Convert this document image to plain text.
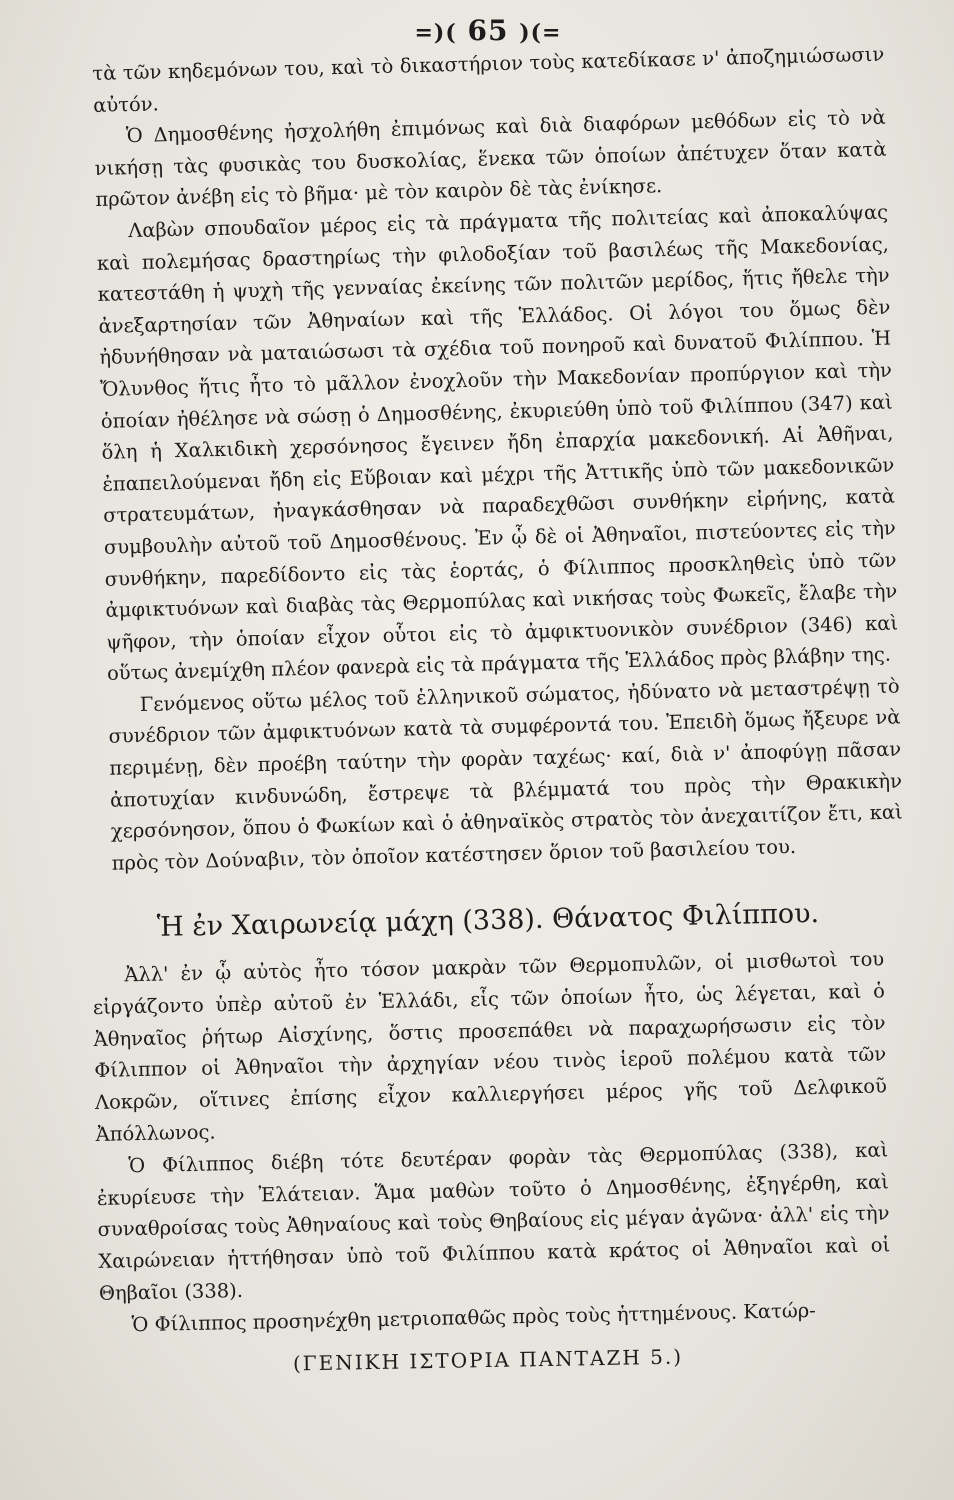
=)( 65 )(=

τὰ τῶν κηδεμόνων του, καὶ τὸ δικαστήριον τοὺς κατεδίκασε ν' ἀποζημιώσωσιν αὐτόν.

Ὁ Δημοσθένης ἠσχολήθη ἐπιμόνως καὶ διὰ διαφόρων μεθόδων εἰς τὸ νὰ νικήσῃ τὰς φυσικὰς του δυσκολίας, ἕνεκα τῶν ὁποίων ἀπέτυχεν ὅταν κατὰ πρῶτον ἀνέβη εἰς τὸ βῆμα· μὲ τὸν καιρὸν δὲ τὰς ἐνίκησε.

Λαβὼν σπουδαῖον μέρος εἰς τὰ πράγματα τῆς πολιτείας καὶ ἀποκαλύψας καὶ πολεμήσας δραστηρίως τὴν φιλοδοξίαν τοῦ βασιλέως τῆς Μακεδονίας, κατεστάθη ἡ ψυχὴ τῆς γενναίας ἐκείνης τῶν πολιτῶν μερίδος, ἥτις ἤθελε τὴν ἀνεξαρτησίαν τῶν Ἀθηναίων καὶ τῆς Ἑλλάδος. Οἱ λόγοι του ὅμως δὲν ἠδυνήθησαν νὰ ματαιώσωσι τὰ σχέδια τοῦ πονηροῦ καὶ δυνατοῦ Φιλίππου. Ἡ Ὄλυνθος ἥτις ἦτο τὸ μᾶλλον ἐνοχλοῦν τὴν Μακεδονίαν προπύργιον καὶ τὴν ὁποίαν ἠθέλησε νὰ σώσῃ ὁ Δημοσθένης, ἐκυριεύθη ὑπὸ τοῦ Φιλίππου (347) καὶ ὅλη ἡ Χαλκιδικὴ χερσόνησος ἔγεινεν ἤδη ἐπαρχία μακεδονική. Αἱ Ἀθῆναι, ἐπαπειλούμεναι ἤδη εἰς Εὔβοιαν καὶ μέχρι τῆς Ἀττικῆς ὑπὸ τῶν μακεδονικῶν στρατευμάτων, ἠναγκάσθησαν νὰ παραδεχθῶσι συνθήκην εἰρήνης, κατὰ συμβουλὴν αὐτοῦ τοῦ Δημοσθένους. Ἐν ᾧ δὲ οἱ Ἀθηναῖοι, πιστεύοντες εἰς τὴν συνθήκην, παρεδίδοντο εἰς τὰς ἑορτάς, ὁ Φίλιππος προσκληθεὶς ὑπὸ τῶν ἀμφικτυόνων καὶ διαβὰς τὰς Θερμοπύλας καὶ νικήσας τοὺς Φωκεῖς, ἔλαβε τὴν ψῆφον, τὴν ὁποίαν εἶχον οὗτοι εἰς τὸ ἀμφικτυονικὸν συνέδριον (346) καὶ οὕτως ἀνεμίχθη πλέον φανερὰ εἰς τὰ πράγματα τῆς Ἑλλάδος πρὸς βλάβην της.

Γενόμενος οὕτω μέλος τοῦ ἑλληνικοῦ σώματος, ἠδύνατο νὰ μεταστρέψῃ τὸ συνέδριον τῶν ἀμφικτυόνων κατὰ τὰ συμφέροντά του. Ἐπειδὴ ὅμως ἤξευρε νὰ περιμένῃ, δὲν προέβη ταύτην τὴν φορὰν ταχέως· καί, διὰ ν' ἀποφύγῃ πᾶσαν ἀποτυχίαν κινδυνώδη, ἔστρεψε τὰ βλέμματά του πρὸς τὴν Θρακικὴν χερσόνησον, ὅπου ὁ Φωκίων καὶ ὁ ἀθηναϊκὸς στρατὸς τὸν ἀνεχαιτίζον ἔτι, καὶ πρὸς τὸν Δούναβιν, τὸν ὁποῖον κατέστησεν ὅριον τοῦ βασιλείου του.

Ἡ ἐν Χαιρωνείᾳ μάχη (338). Θάνατος Φιλίππου.

Ἀλλ' ἐν ᾧ αὐτὸς ἦτο τόσον μακρὰν τῶν Θερμοπυλῶν, οἱ μισθωτοὶ του εἰργάζοντο ὑπὲρ αὐτοῦ ἐν Ἑλλάδι, εἷς τῶν ὁποίων ἦτο, ὡς λέγεται, καὶ ὁ Ἀθηναῖος ῥήτωρ Αἰσχίνης, ὅστις προσεπάθει νὰ παραχωρήσωσιν εἰς τὸν Φίλιππον οἱ Ἀθηναῖοι τὴν ἀρχηγίαν νέου τινὸς ἱεροῦ πολέμου κατὰ τῶν Λοκρῶν, οἵτινες ἐπίσης εἶχον καλλιεργήσει μέρος γῆς τοῦ Δελφικοῦ Ἀπόλλωνος.

Ὁ Φίλιππος διέβη τότε δευτέραν φορὰν τὰς Θερμοπύλας (338), καὶ ἐκυρίευσε τὴν Ἐλάτειαν. Ἅμα μαθὼν τοῦτο ὁ Δημοσθένης, ἐξηγέρθη, καὶ συναθροίσας τοὺς Ἀθηναίους καὶ τοὺς Θηβαίους εἰς μέγαν ἀγῶνα· ἀλλ' εἰς τὴν Χαιρώνειαν ἡττήθησαν ὑπὸ τοῦ Φιλίππου κατὰ κράτος οἱ Ἀθηναῖοι καὶ οἱ Θηβαῖοι (338).

Ὁ Φίλιππος προσηνέχθη μετριοπαθῶς πρὸς τοὺς ἡττημένους. Κατώρ-

(ΓΕΝΙΚΗ ΙΣΤΟΡΙΑ ΠΑΝΤΑΖΗ 5.)
